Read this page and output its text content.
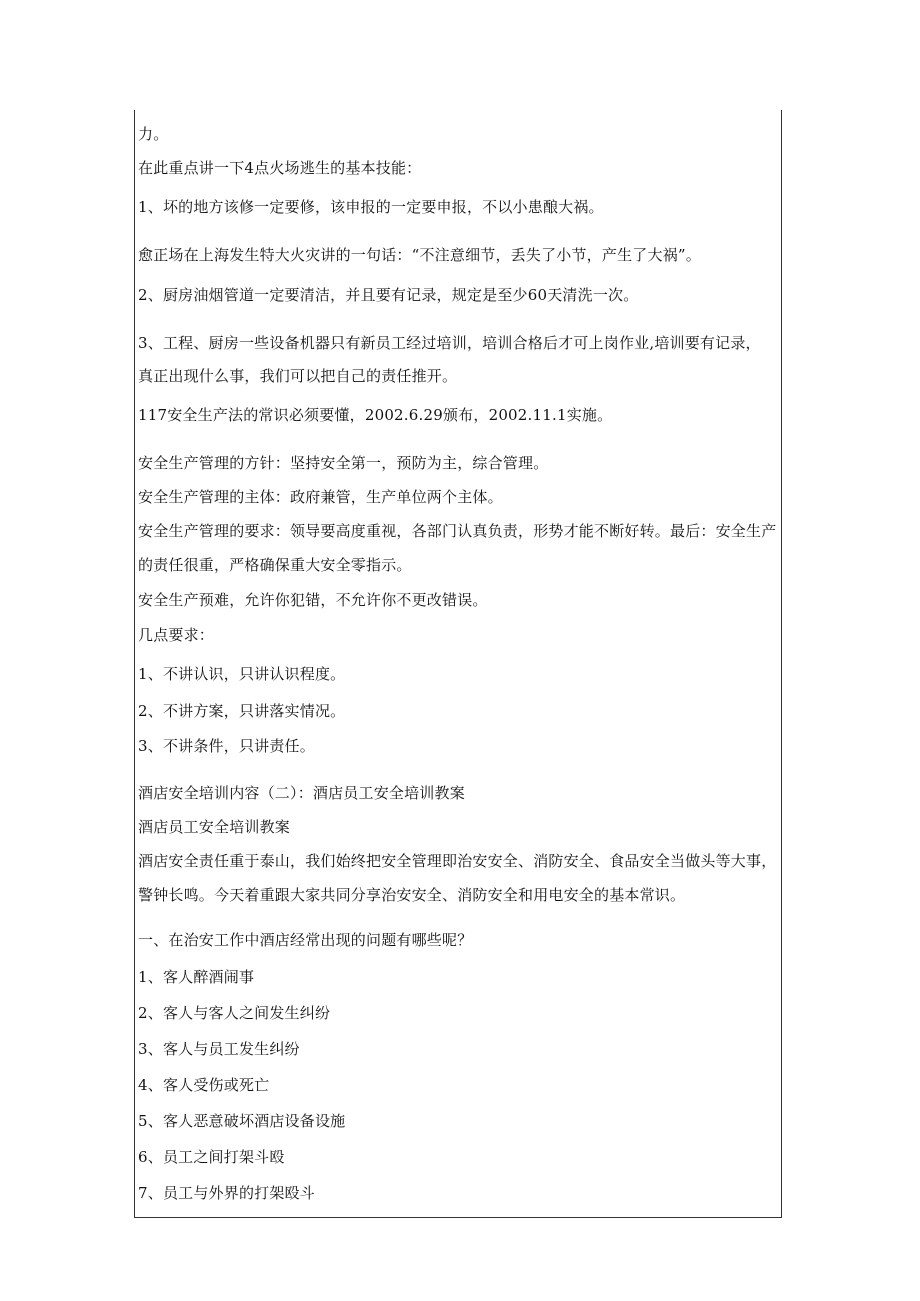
力。
在此重点讲一下4点火场逃生的基本技能：
1、坏的地方该修一定要修，该申报的一定要申报，不以小患酿大祸。
愈正场在上海发生特大火灾讲的一句话：“不注意细节，丢失了小节，产生了大祸”。
2、厨房油烟管道一定要清洁，并且要有记录，规定是至少60天清洗一次。
3、工程、厨房一些设备机器只有新员工经过培训，培训合格后才可上岗作业,培训要有记录，
真正出现什么事，我们可以把自己的责任推开。
117安全生产法的常识必须要懂，2002.6.29颁布，2002.11.1实施。
安全生产管理的方针：坚持安全第一，预防为主，综合管理。
安全生产管理的主体：政府兼管，生产单位两个主体。
安全生产管理的要求：领导要高度重视，各部门认真负责，形势才能不断好转。最后：安全生产
的责任很重，严格确保重大安全零指示。
安全生产预难，允许你犯错，不允许你不更改错误。
几点要求：
1、不讲认识，只讲认识程度。
2、不讲方案，只讲落实情况。
3、不讲条件，只讲责任。
酒店安全培训内容（二）：酒店员工安全培训教案
酒店员工安全培训教案
酒店安全责任重于泰山，我们始终把安全管理即治安安全、消防安全、食品安全当做头等大事，
警钟长鸣。今天着重跟大家共同分享治安安全、消防安全和用电安全的基本常识。
一、在治安工作中酒店经常出现的问题有哪些呢？
1、客人醉酒闹事
2、客人与客人之间发生纠纷
3、客人与员工发生纠纷
4、客人受伤或死亡
5、客人恶意破坏酒店设备设施
6、员工之间打架斗殴
7、员工与外界的打架殴斗
